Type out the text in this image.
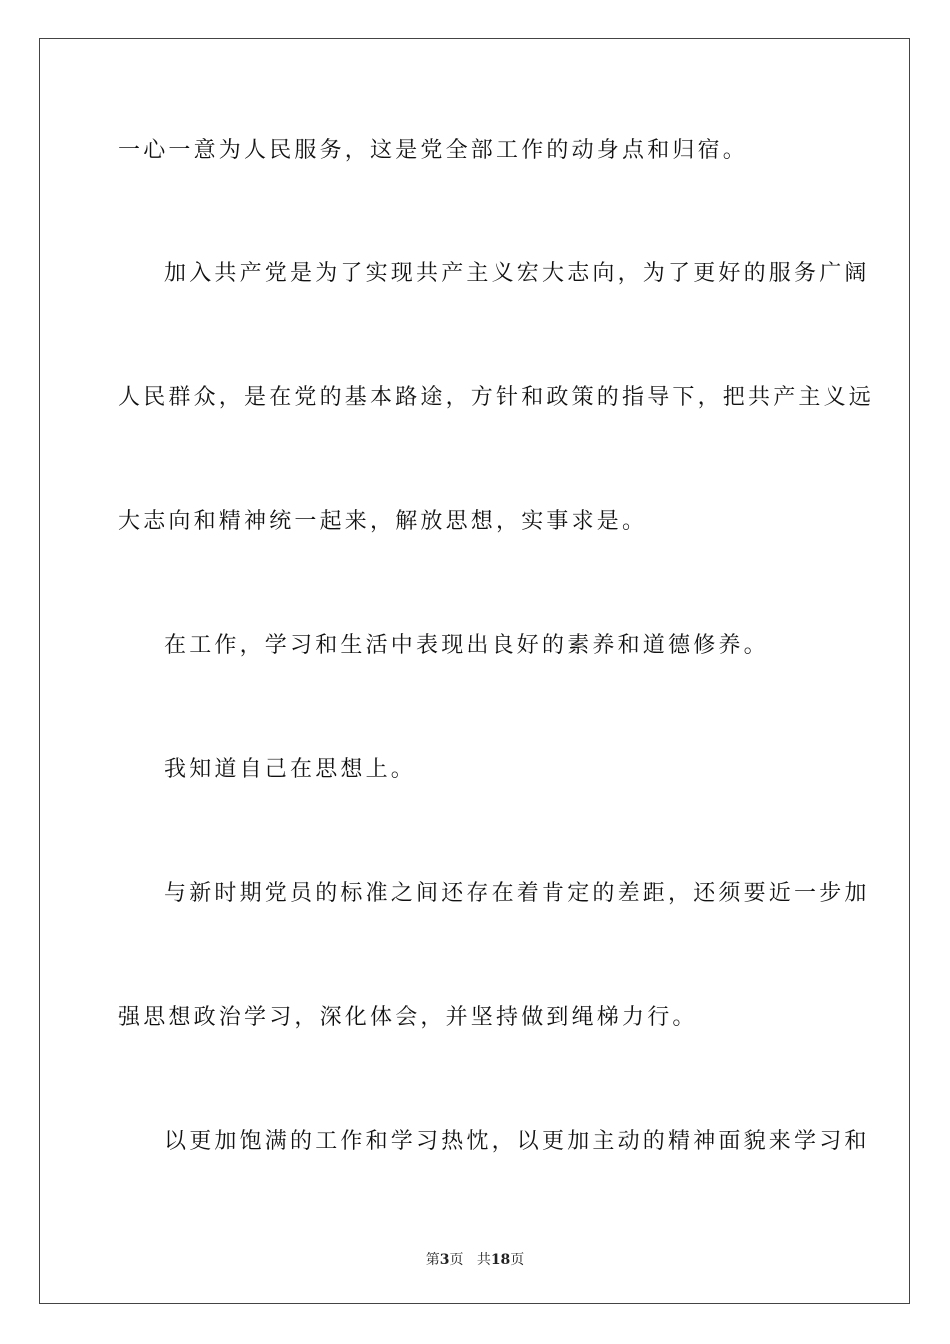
一心一意为人民服务，这是党全部工作的动身点和归宿。
加入共产党是为了实现共产主义宏大志向，为了更好的服务广阔
人民群众，是在党的基本路途，方针和政策的指导下，把共产主义远
大志向和精神统一起来，解放思想，实事求是。
在工作，学习和生活中表现出良好的素养和道德修养。
我知道自己在思想上。
与新时期党员的标准之间还存在着肯定的差距，还须要近一步加
强思想政治学习，深化体会，并坚持做到绳梯力行。
以更加饱满的工作和学习热忱，以更加主动的精神面貌来学习和
第3页 共18页
